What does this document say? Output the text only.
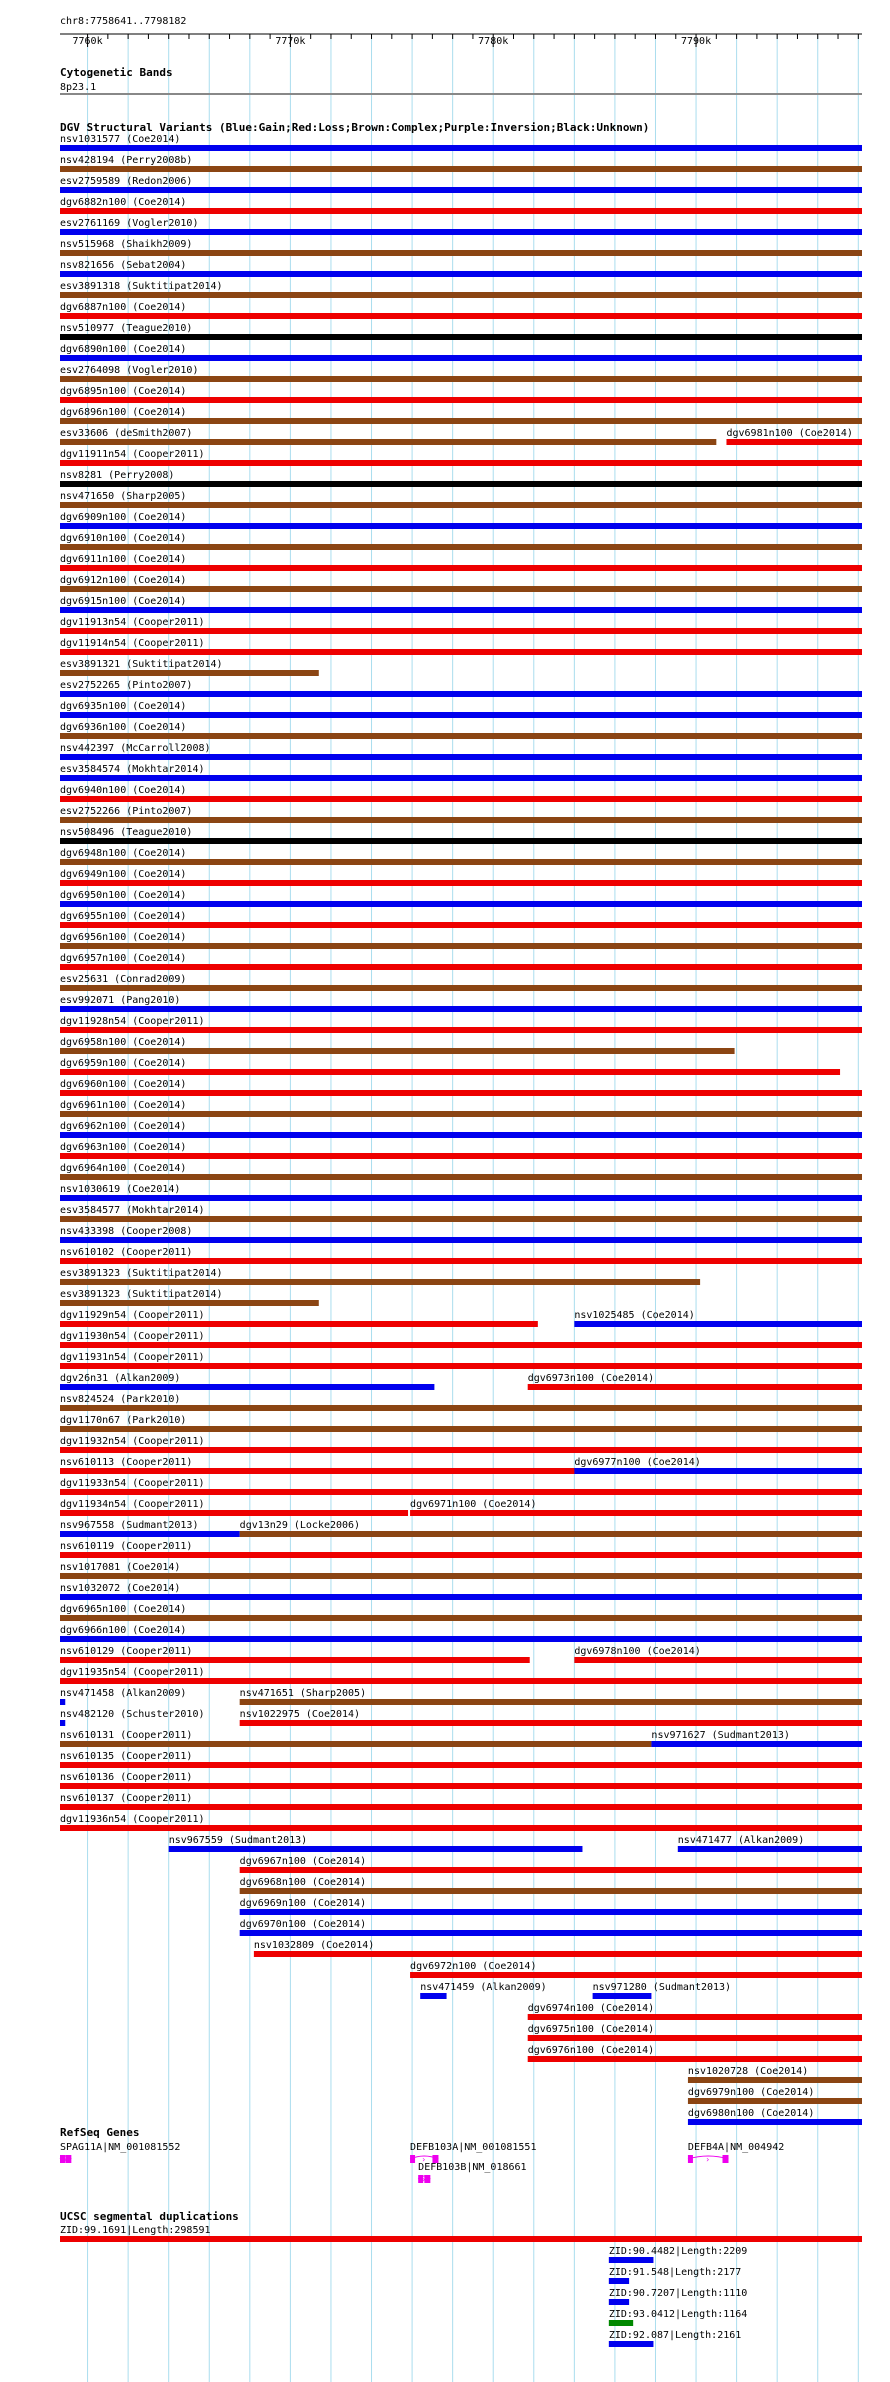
chr8:7758641..7798182
7760k	7770k	7780k	7790k
Cytogenetic Bands
8p23.1
DGV Structural Variants (Blue:Gain;Red:Loss;Brown:Complex;Purple:Inversion;Black:Unknown)
nsv1031577 (Coe2014)
nsv428194 (Perry2008b)
esv2759589 (Redon2006)
dgv6882n100 (Coe2014)
esv2761169 (Vogler2010)
nsv515968 (Shaikh2009)
nsv821656 (Sebat2004)
esv3891318 (Suktitipat2014)
dgv6887n100 (Coe2014)
nsv510977 (Teague2010)
dgv6890n100 (Coe2014)
esv2764098 (Vogler2010)
dgv6895n100 (Coe2014)
dgv6896n100 (Coe2014)
esv33606 (deSmith2007)	dgv6981n100 (Coe2014)
dgv11911n54 (Cooper2011)
nsv8281 (Perry2008)
nsv471650 (Sharp2005)
dgv6909n100 (Coe2014)
dgv6910n100 (Coe2014)
dgv6911n100 (Coe2014)
dgv6912n100 (Coe2014)
dgv6915n100 (Coe2014)
dgv11913n54 (Cooper2011)
dgv11914n54 (Cooper2011)
esv3891321 (Suktitipat2014)
esv2752265 (Pinto2007)
dgv6935n100 (Coe2014)
dgv6936n100 (Coe2014)
nsv442397 (McCarroll2008)
esv3584574 (Mokhtar2014)
dgv6940n100 (Coe2014)
esv2752266 (Pinto2007)
nsv508496 (Teague2010)
dgv6948n100 (Coe2014)
dgv6949n100 (Coe2014)
dgv6950n100 (Coe2014)
dgv6955n100 (Coe2014)
dgv6956n100 (Coe2014)
dgv6957n100 (Coe2014)
esv25631 (Conrad2009)
esv992071 (Pang2010)
dgv11928n54 (Cooper2011)
dgv6958n100 (Coe2014)
dgv6959n100 (Coe2014)
dgv6960n100 (Coe2014)
dgv6961n100 (Coe2014)
dgv6962n100 (Coe2014)
dgv6963n100 (Coe2014)
dgv6964n100 (Coe2014)
nsv1030619 (Coe2014)
esv3584577 (Mokhtar2014)
nsv433398 (Cooper2008)
nsv610102 (Cooper2011)
esv3891323 (Suktitipat2014)
esv3891323 (Suktitipat2014)
dgv11929n54 (Cooper2011)	nsv1025485 (Coe2014)
dgv11930n54 (Cooper2011)
dgv11931n54 (Cooper2011)
dgv26n31 (Alkan2009)	dgv6973n100 (Coe2014)
nsv824524 (Park2010)
dgv1170n67 (Park2010)
dgv11932n54 (Cooper2011)
nsv610113 (Cooper2011)	dgv6977n100 (Coe2014)
dgv11933n54 (Cooper2011)
dgv11934n54 (Cooper2011)	dgv6971n100 (Coe2014)
nsv967558 (Sudmant2013)	dgv13n29 (Locke2006)
nsv610119 (Cooper2011)
nsv1017081 (Coe2014)
nsv1032072 (Coe2014)
dgv6965n100 (Coe2014)
dgv6966n100 (Coe2014)
nsv610129 (Cooper2011)	dgv6978n100 (Coe2014)
dgv11935n54 (Cooper2011)
nsv471458 (Alkan2009)	nsv471651 (Sharp2005)
nsv482120 (Schuster2010)	nsv1022975 (Coe2014)
nsv610131 (Cooper2011)	nsv971627 (Sudmant2013)
nsv610135 (Cooper2011)
nsv610136 (Cooper2011)
nsv610137 (Cooper2011)
dgv11936n54 (Cooper2011)
nsv967559 (Sudmant2013)	nsv471477 (Alkan2009)
dgv6967n100 (Coe2014)
dgv6968n100 (Coe2014)
dgv6969n100 (Coe2014)
dgv6970n100 (Coe2014)
nsv1032809 (Coe2014)
dgv6972n100 (Coe2014)
nsv471459 (Alkan2009)	nsv971280 (Sudmant2013)
dgv6974n100 (Coe2014)
dgv6975n100 (Coe2014)
dgv6976n100 (Coe2014)
nsv1020728 (Coe2014)
dgv6979n100 (Coe2014)
dgv6980n100 (Coe2014)
RefSeq Genes
SPAG11A|NM_001081552
›
DEFB103A|NM_001081551
›
DEFB4A|NM_004942
›
DEFB103B|NM_018661
›
UCSC segmental duplications
ZID:99.1691|Length:298591
ZID:90.4482|Length:2209
ZID:91.548|Length:2177
ZID:90.7207|Length:1110
ZID:93.0412|Length:1164
ZID:92.087|Length:2161
